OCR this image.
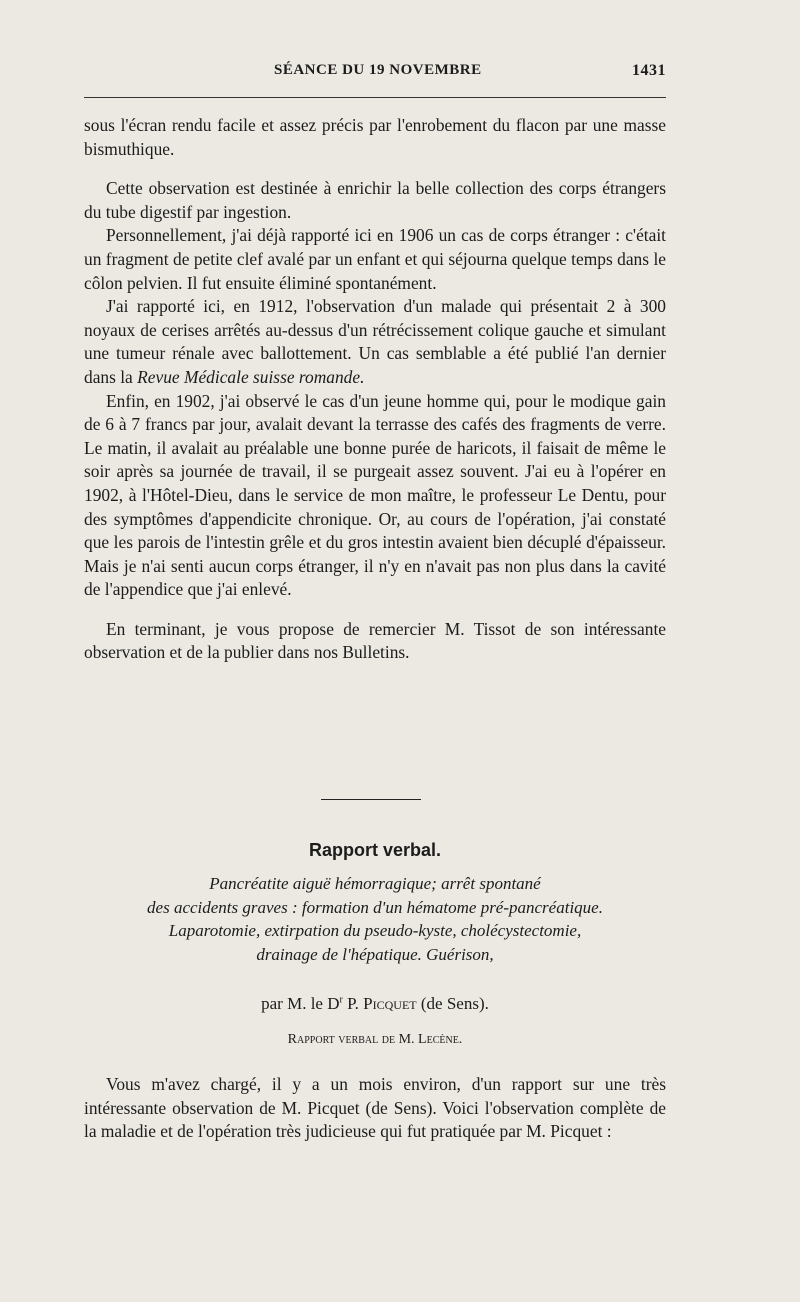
SÉANCE DU 19 NOVEMBRE	1431

sous l'écran rendu facile et assez précis par l'enrobement du flacon par une masse bismuthique.

Cette observation est destinée à enrichir la belle collection des corps étrangers du tube digestif par ingestion.

Personnellement, j'ai déjà rapporté ici en 1906 un cas de corps étranger : c'était un fragment de petite clef avalé par un enfant et qui séjourna quelque temps dans le côlon pelvien. Il fut ensuite éliminé spontanément.

J'ai rapporté ici, en 1912, l'observation d'un malade qui présentait 2 à 300 noyaux de cerises arrêtés au-dessus d'un rétrécissement colique gauche et simulant une tumeur rénale avec ballottement. Un cas semblable a été publié l'an dernier dans la Revue Médicale suisse romande.

Enfin, en 1902, j'ai observé le cas d'un jeune homme qui, pour le modique gain de 6 à 7 francs par jour, avalait devant la terrasse des cafés des fragments de verre. Le matin, il avalait au préalable une bonne purée de haricots, il faisait de même le soir après sa journée de travail, il se purgeait assez souvent. J'ai eu à l'opérer en 1902, à l'Hôtel-Dieu, dans le service de mon maître, le professeur Le Dentu, pour des symptômes d'appendicite chronique. Or, au cours de l'opération, j'ai constaté que les parois de l'intestin grêle et du gros intestin avaient bien décuplé d'épaisseur. Mais je n'ai senti aucun corps étranger, il n'y en n'avait pas non plus dans la cavité de l'appendice que j'ai enlevé.

En terminant, je vous propose de remercier M. Tissot de son intéressante observation et de la publier dans nos Bulletins.

Rapport verbal.
Pancréatite aiguë hémorragique; arrêt spontané
des accidents graves : formation d'un hématome pré-pancréatique.
Laparotomie, extirpation du pseudo-kyste, cholécystectomie,
drainage de l'hépatique. Guérison,
par M. le $D^r$ P. Picquet (de Sens).
Rapport verbal de M. Lecène.

Vous m'avez chargé, il y a un mois environ, d'un rapport sur une très intéressante observation de M. Picquet (de Sens). Voici l'observation complète de la maladie et de l'opération très judicieuse qui fut pratiquée par M. Picquet :
